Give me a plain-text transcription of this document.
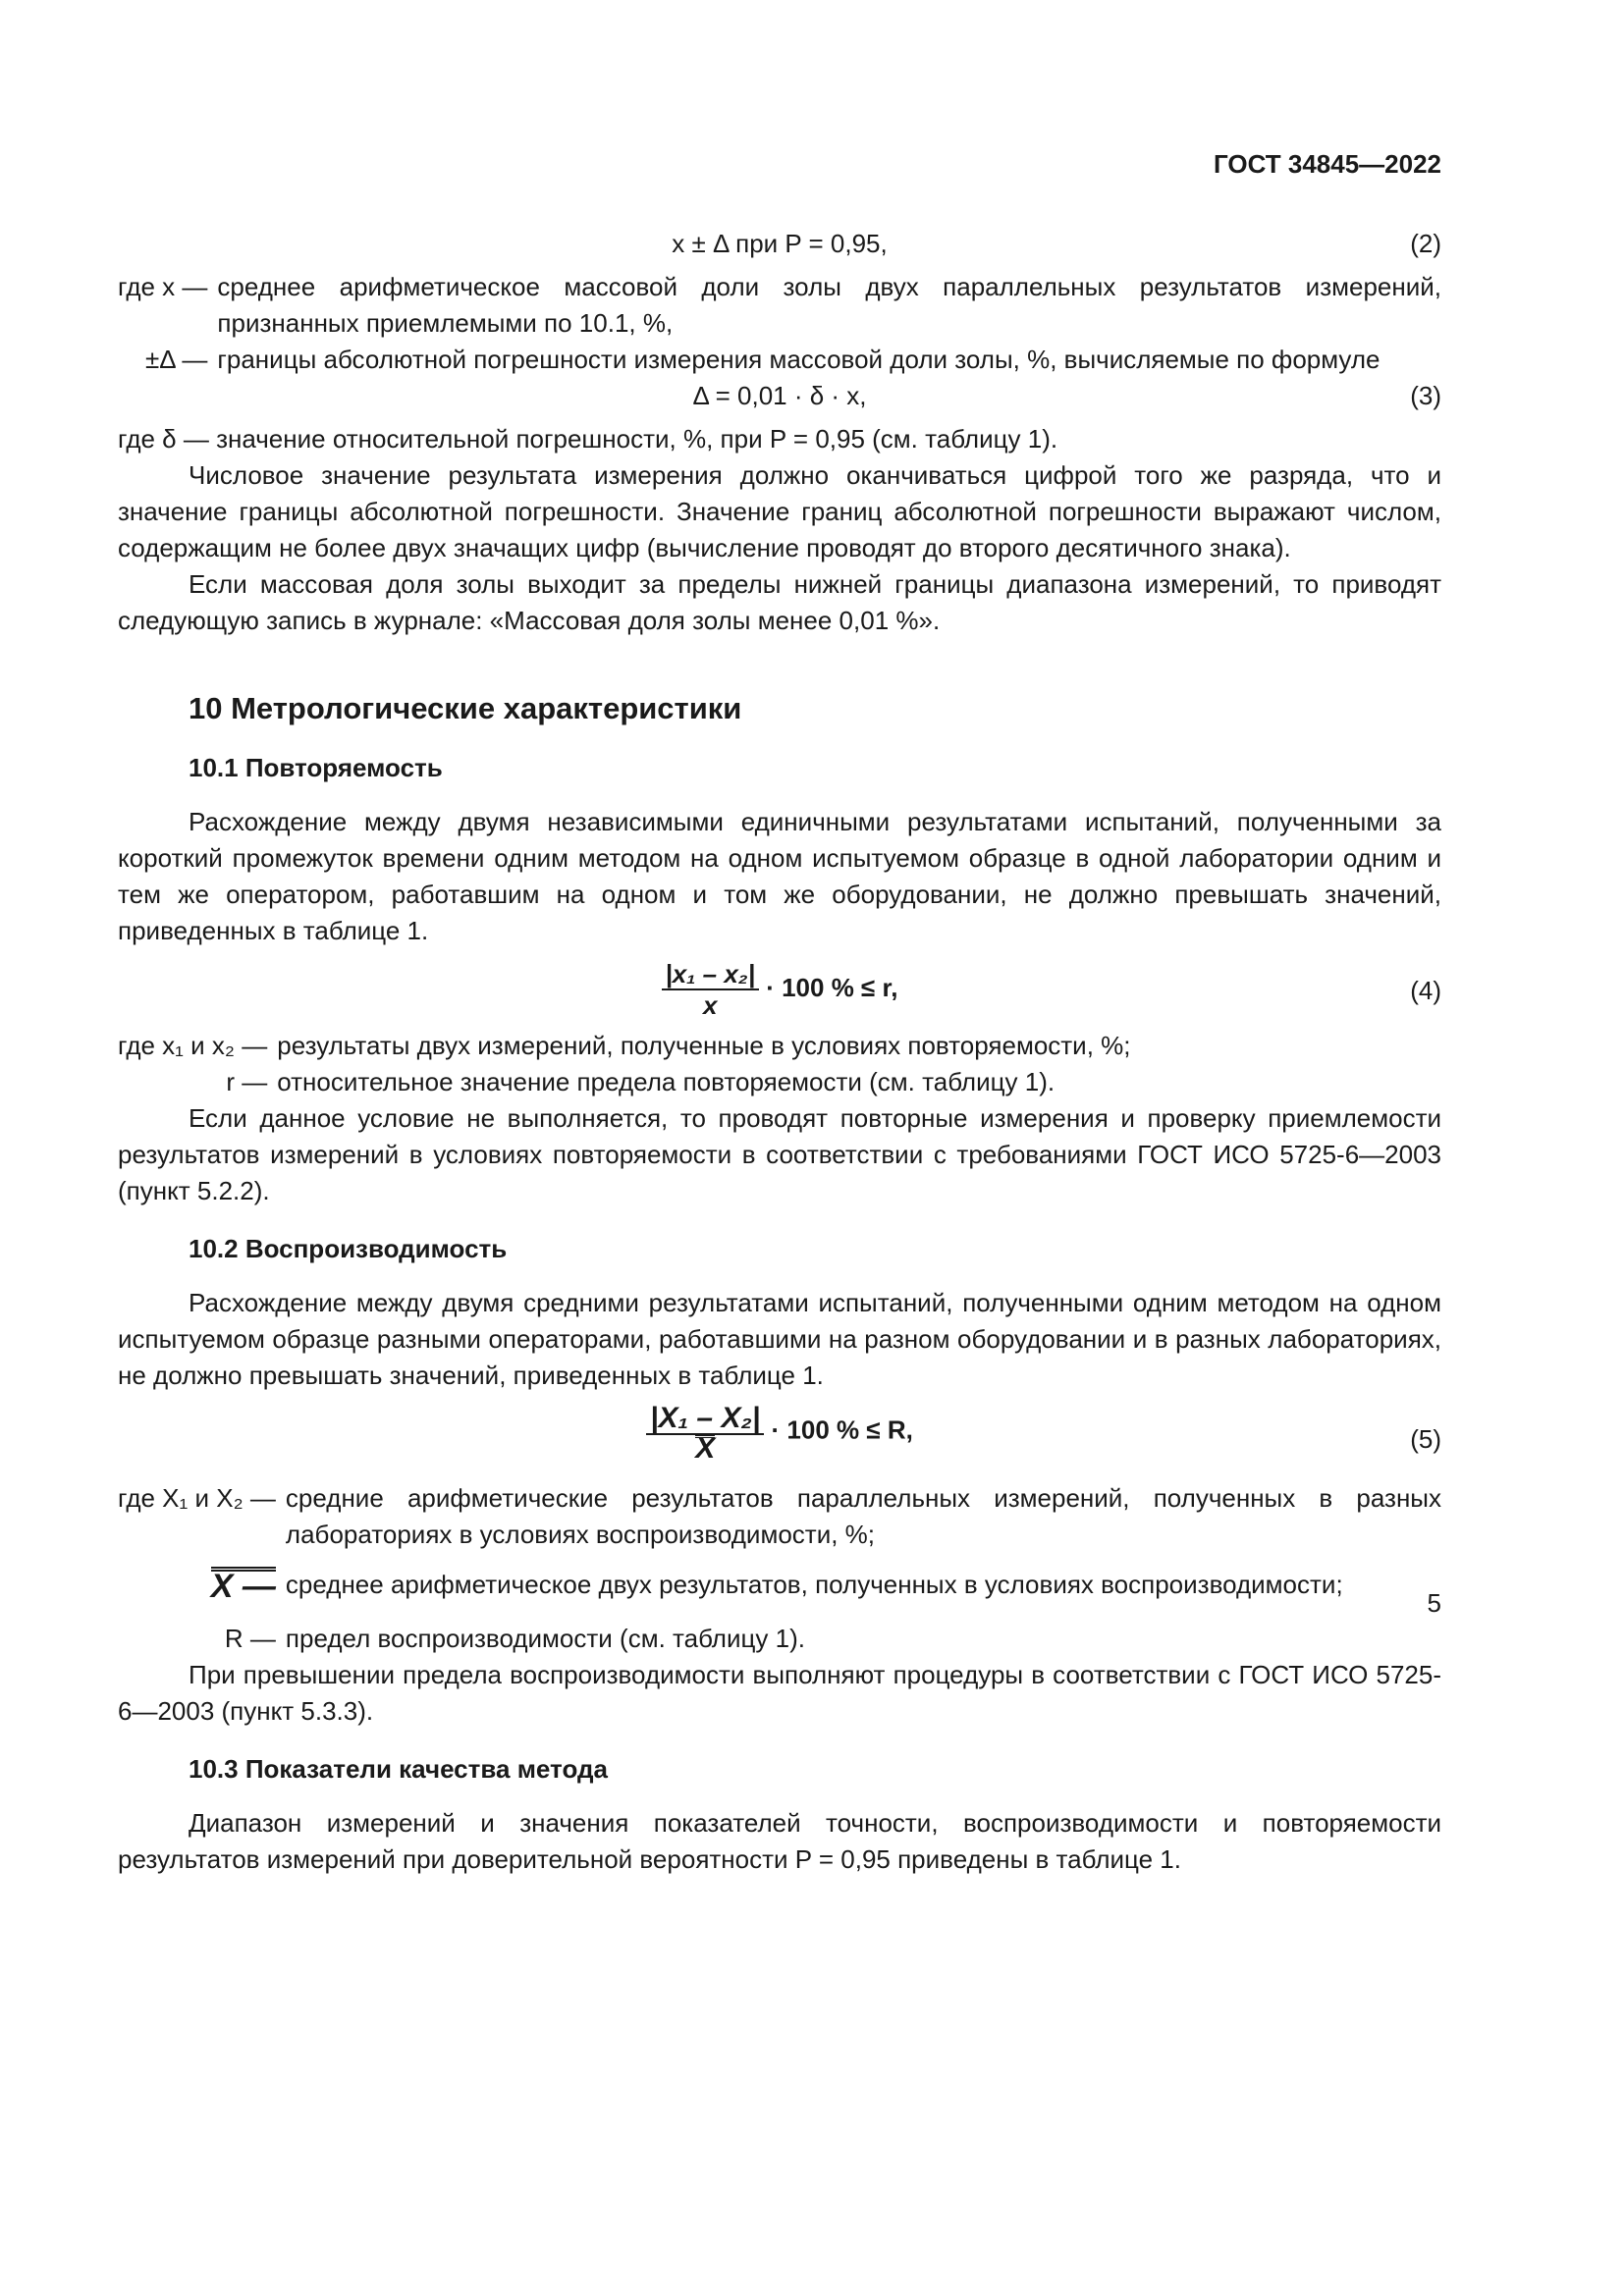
ГОСТ 34845—2022
x ± Δ при P = 0,95,	(2)
где x — среднее арифметическое массовой доли золы двух параллельных результатов измерений, признанных приемлемыми по 10.1, %,
±Δ — границы абсолютной погрешности измерения массовой доли золы, %, вычисляемые по формуле
Δ = 0,01 · δ · x,	(3)

где δ — значение относительной погрешности, %, при P = 0,95 (см. таблицу 1).

Числовое значение результата измерения должно оканчиваться цифрой того же разряда, что и значение границы абсолютной погрешности. Значение границ абсолютной погрешности выражают числом, содержащим не более двух значащих цифр (вычисление проводят до второго десятичного знака).

Если массовая доля золы выходит за пределы нижней границы диапазона измерений, то приводят следующую запись в журнале: «Массовая доля золы менее 0,01 %».

10 Метрологические характеристики
10.1 Повторяемость

Расхождение между двумя независимыми единичными результатами испытаний, полученными за короткий промежуток времени одним методом на одном испытуемом образце в одной лаборатории одним и тем же оператором, работавшим на одном и том же оборудовании, не должно превышать значений, приведенных в таблице 1.

$\frac{\text{|x₁ – x₂|}}{x} \cdot 100$ % ≤ r,	(4)
где x₁ и x₂ — результаты двух измерений, полученные в условиях повторяемости, %;
r — относительное значение предела повторяемости (см. таблицу 1).

Если данное условие не выполняется, то проводят повторные измерения и проверку приемлемости результатов измерений в условиях повторяемости в соответствии с требованиями ГОСТ ИСО 5725-6—2003 (пункт 5.2.2).

10.2 Воспроизводимость

Расхождение между двумя средними результатами испытаний, полученными одним методом на одном испытуемом образце разными операторами, работавшими на разном оборудовании и в разных лабораториях, не должно превышать значений, приведенных в таблице 1.

$\frac{\text{|X₁ – X₂|}}{X} \cdot 100$ % ≤ R,	(5)
где X₁ и X₂ — средние арифметические результатов параллельных измерений, полученных в разных лабораториях в условиях воспроизводимости, %;
X — среднее арифметическое двух результатов, полученных в условиях воспроизводимости;
R — предел воспроизводимости (см. таблицу 1).

При превышении предела воспроизводимости выполняют процедуры в соответствии с ГОСТ ИСО 5725-6—2003 (пункт 5.3.3).

10.3 Показатели качества метода

Диапазон измерений и значения показателей точности, воспроизводимости и повторяемости результатов измерений при доверительной вероятности P = 0,95 приведены в таблице 1.

5
